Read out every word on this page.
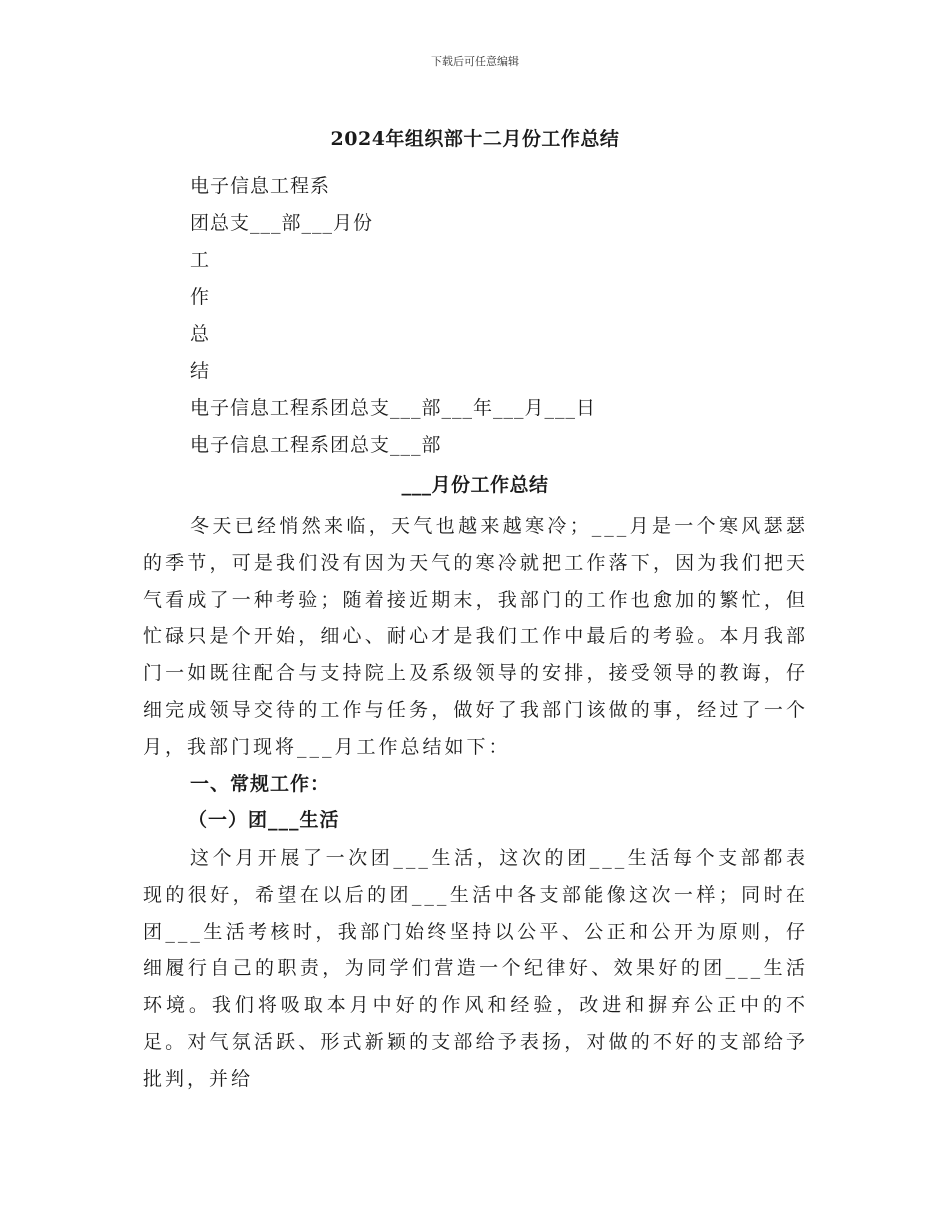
下载后可任意编辑
2024年组织部十二月份工作总结
电子信息工程系
团总支___部___月份
工
作
总
结
电子信息工程系团总支___部___年___月___日
电子信息工程系团总支___部
___月份工作总结
冬天已经悄然来临，天气也越来越寒冷；___月是一个寒风瑟瑟的季节，可是我们没有因为天气的寒冷就把工作落下，因为我们把天气看成了一种考验；随着接近期末，我部门的工作也愈加的繁忙，但忙碌只是个开始，细心、耐心才是我们工作中最后的考验。本月我部门一如既往配合与支持院上及系级领导的安排，接受领导的教诲，仔细完成领导交待的工作与任务，做好了我部门该做的事，经过了一个月，我部门现将___月工作总结如下：
一、常规工作：
（一）团___生活
这个月开展了一次团___生活，这次的团___生活每个支部都表现的很好，希望在以后的团___生活中各支部能像这次一样；同时在团___生活考核时，我部门始终坚持以公平、公正和公开为原则，仔细履行自己的职责，为同学们营造一个纪律好、效果好的团___生活环境。我们将吸取本月中好的作风和经验，改进和摒弃公正中的不足。对气氛活跃、形式新颖的支部给予表扬，对做的不好的支部给予批判，并给
